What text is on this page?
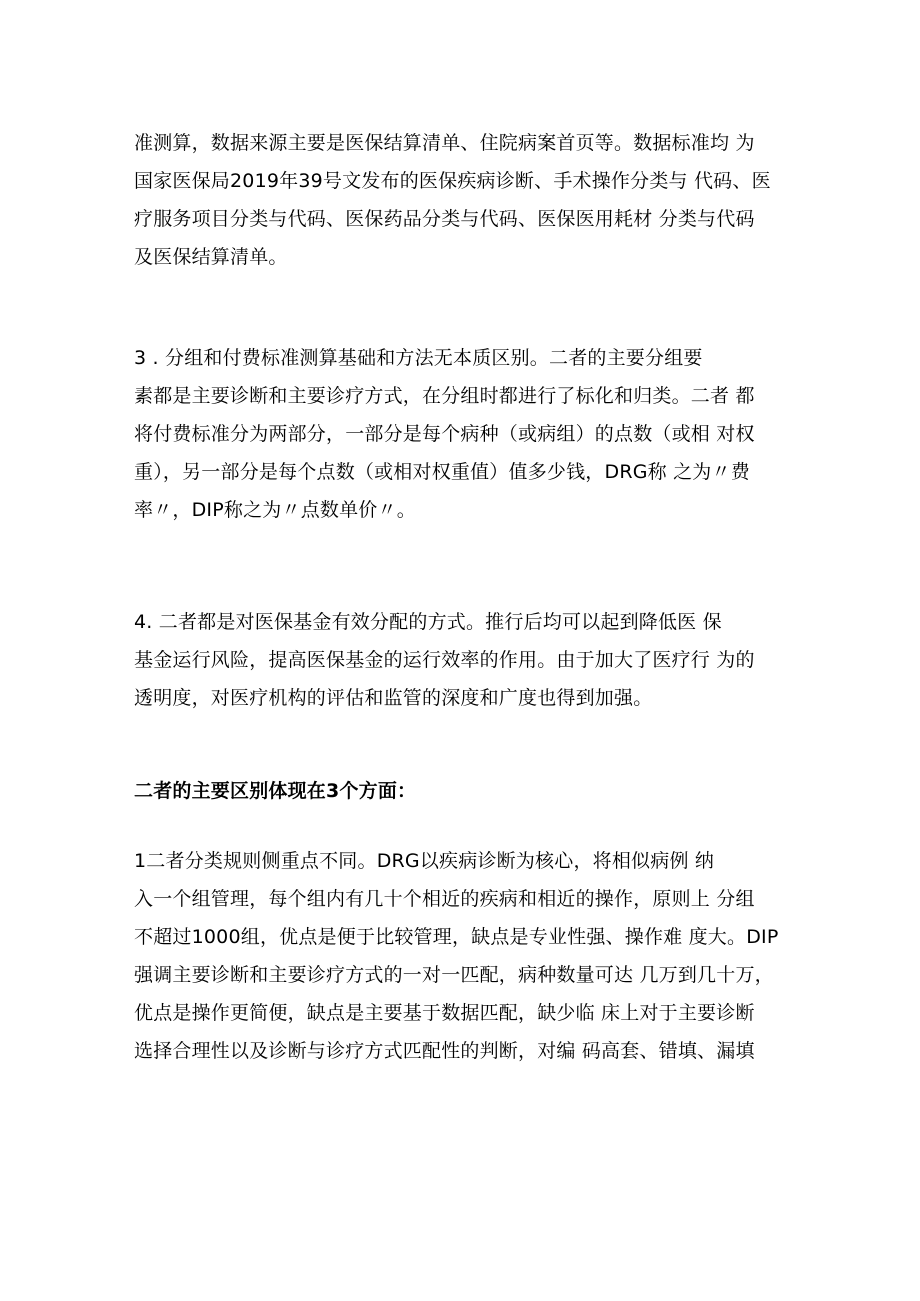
准测算，数据来源主要是医保结算清单、住院病案首页等。数据标准均 为
国家医保局2019年39号文发布的医保疾病诊断、手术操作分类与 代码、医
疗服务项目分类与代码、医保药品分类与代码、医保医用耗材 分类与代码
及医保结算清单。
3 . 分组和付费标准测算基础和方法无本质区别。二者的主要分组要
素都是主要诊断和主要诊疗方式，在分组时都进行了标化和归类。二者 都
将付费标准分为两部分，一部分是每个病种（或病组）的点数（或相 对权
重），另一部分是每个点数（或相对权重值）值多少钱，DRG称 之为〃费
率〃，DIP称之为〃点数单价〃。
4. 二者都是对医保基金有效分配的方式。推行后均可以起到降低医 保
基金运行风险，提高医保基金的运行效率的作用。由于加大了医疗行 为的
透明度，对医疗机构的评估和监管的深度和广度也得到加强。
二者的主要区别体现在3个方面：
1二者分类规则侧重点不同。DRG以疾病诊断为核心，将相似病例 纳
入一个组管理，每个组内有几十个相近的疾病和相近的操作，原则上 分组
不超过1000组，优点是便于比较管理，缺点是专业性强、操作难 度大。DIP
强调主要诊断和主要诊疗方式的一对一匹配，病种数量可达 几万到几十万，
优点是操作更简便，缺点是主要基于数据匹配，缺少临 床上对于主要诊断
选择合理性以及诊断与诊疗方式匹配性的判断，对编 码高套、错填、漏填
